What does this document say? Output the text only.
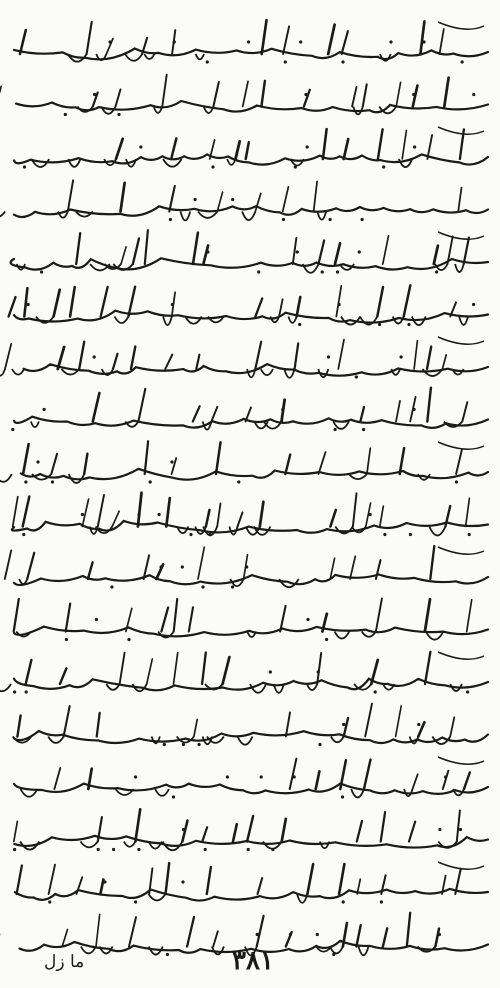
۳۸۱
ما زل
